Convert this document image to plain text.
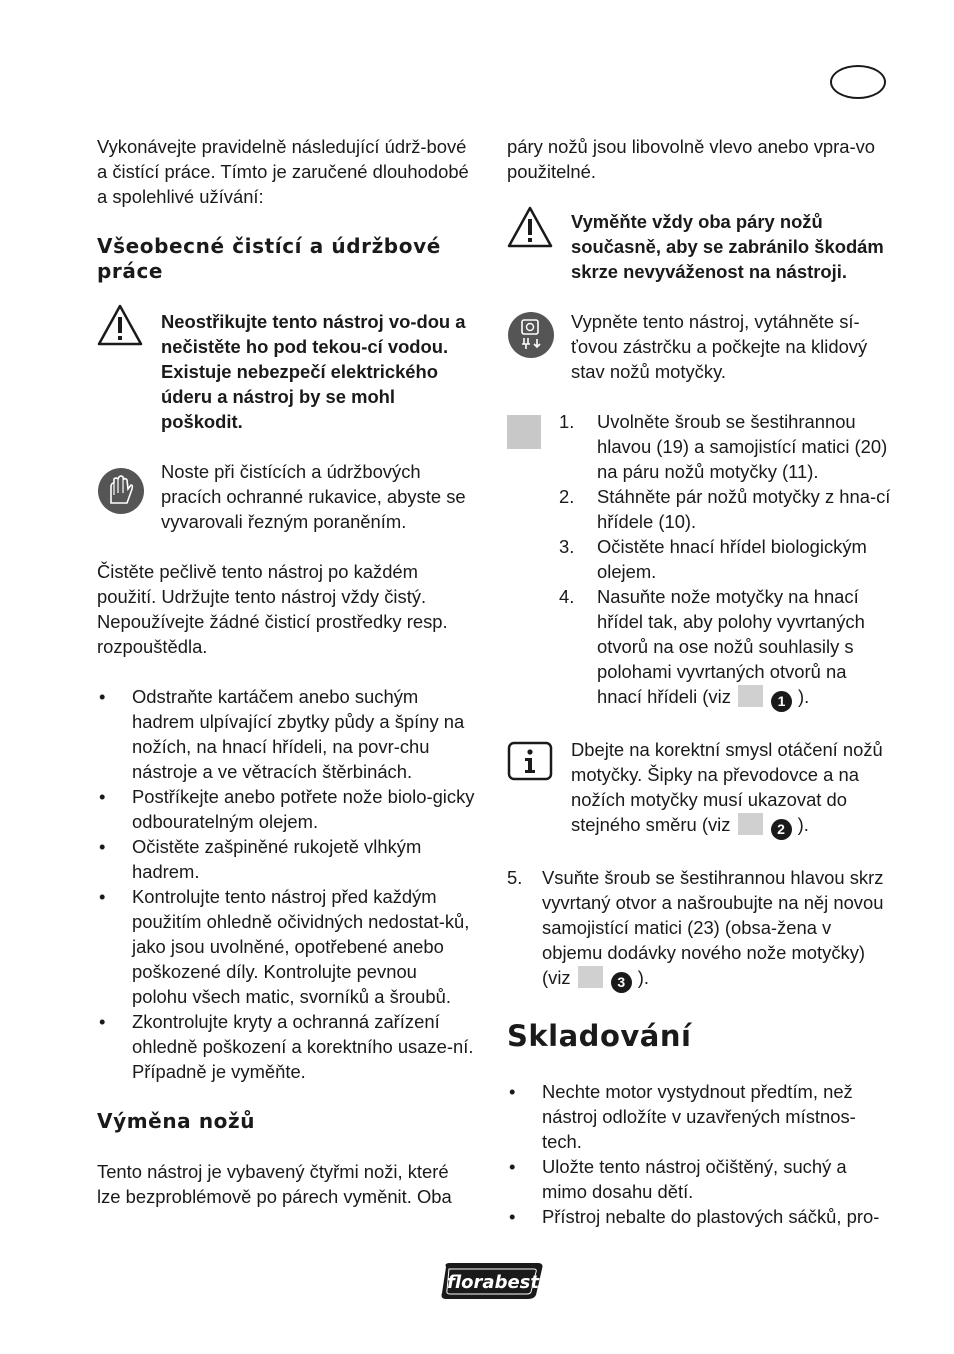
Vykonávejte pravidelně následující údrž-bové a čistící práce. Tímto je zaručené dlouhodobé a spolehlivé užívání:

Všeobecné čistící a údržbové práce

Neostřikujte tento nástroj vo-dou a nečistěte ho pod tekou-cí vodou. Existuje nebezpečí elektrického úderu a nástroj by se mohl poškodit.

Noste při čistících a údržbových pracích ochranné rukavice, abyste se vyvarovali řezným poraněním.

Čistěte pečlivě tento nástroj po každém použití. Udržujte tento nástroj vždy čistý. Nepoužívejte žádné čisticí prostředky resp. rozpouštědla.

• Odstraňte kartáčem anebo suchým hadrem ulpívající zbytky půdy a špíny na nožích, na hnací hřídeli, na povr-chu nástroje a ve větracích štěrbinách.
• Postříkejte anebo potřete nože biolo-gicky odbouratelným olejem.
• Očistěte zašpiněné rukojetě vlhkým hadrem.
• Kontrolujte tento nástroj před každým použitím ohledně očividných nedostat-ků, jako jsou uvolněné, opotřebené anebo poškozené díly. Kontrolujte pevnou polohu všech matic, svorníků a šroubů.
• Zkontrolujte kryty a ochranná zařízení ohledně poškození a korektního usaze-ní. Případně je vyměňte.
Výměna nožů

Tento nástroj je vybavený čtyřmi noži, které lze bezproblémově po párech vyměnit. Oba

páry nožů jsou libovolně vlevo anebo vpra-vo použitelné.

Vyměňte vždy oba páry nožů současně, aby se zabránilo škodám skrze nevyváženost na nástroji.

Vypněte tento nástroj, vytáhněte sí-ťovou zástrčku a počkejte na klidový stav nožů motyčky.

1. Uvolněte šroub se šestihrannou hlavou (19) a samojistící matici (20) na páru nožů motyčky (11).
2. Stáhněte pár nožů motyčky z hna-cí hřídele (10).
3. Očistěte hnací hřídel biologickým olejem.
4. Nasuňte nože motyčky na hnací hřídel tak, aby polohy vyvrtaných otvorů na ose nožů souhlasily s polohami vyvrtaných otvorů na hnací hřídeli (viz	1 ).

Dbejte na korektní smysl otáčení nožů motyčky. Šipky na převodovce a na nožích motyčky musí ukazovat do stejného směru (viz	2 ).

5. Vsuňte šroub se šestihrannou hlavou skrz vyvrtaný otvor a našroubujte na něj novou samojistící matici (23) (obsa-žena v objemu dodávky nového nože motyčky) (viz	3 ).
Skladování
• Nechte motor vystydnout předtím, než nástroj odložíte v uzavřených místnos-tech.
• Uložte tento nástroj očištěný, suchý a mimo dosahu dětí.
• Přístroj nebalte do plastových sáčků, pro-
florabest
